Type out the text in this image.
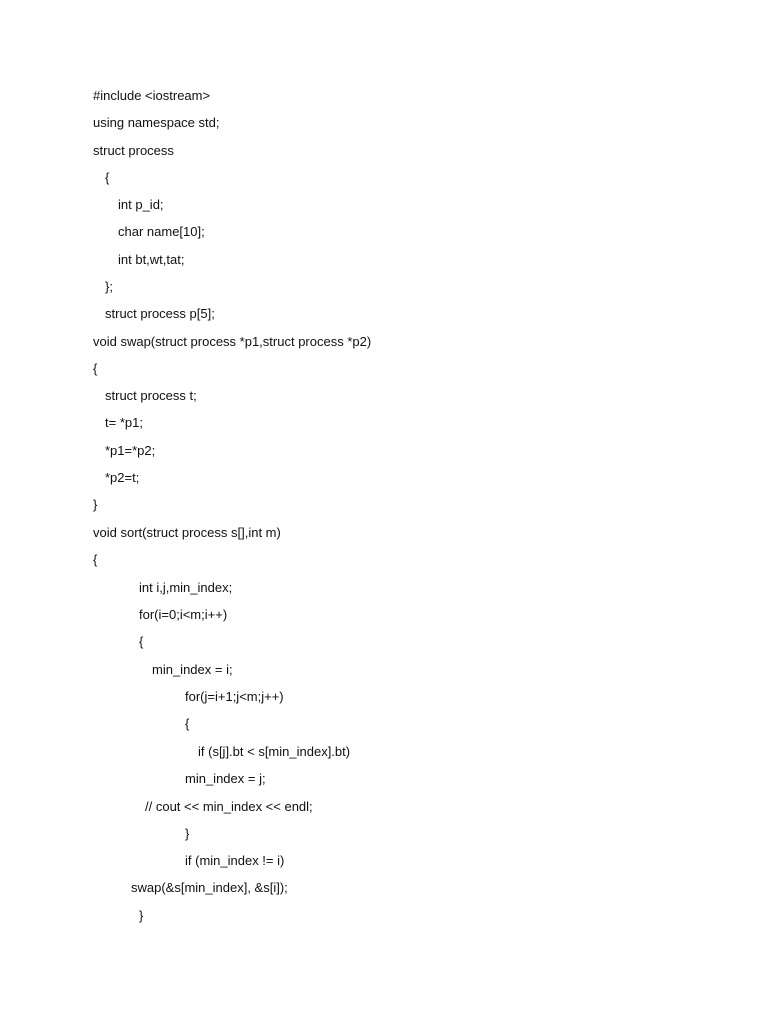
#include <iostream>
using namespace std;
struct process
{
int p_id;
char name[10];
int bt,wt,tat;
};
struct process p[5];
void swap(struct process *p1,struct process *p2)
{
struct process t;
t= *p1;
*p1=*p2;
*p2=t;
}
void sort(struct process s[],int m)
{
int i,j,min_index;
for(i=0;i<m;i++)
{
min_index = i;
for(j=i+1;j<m;j++)
{
if (s[j].bt < s[min_index].bt)
min_index = j;
// cout << min_index << endl;
}
if (min_index != i)
swap(&s[min_index], &s[i]);
}
